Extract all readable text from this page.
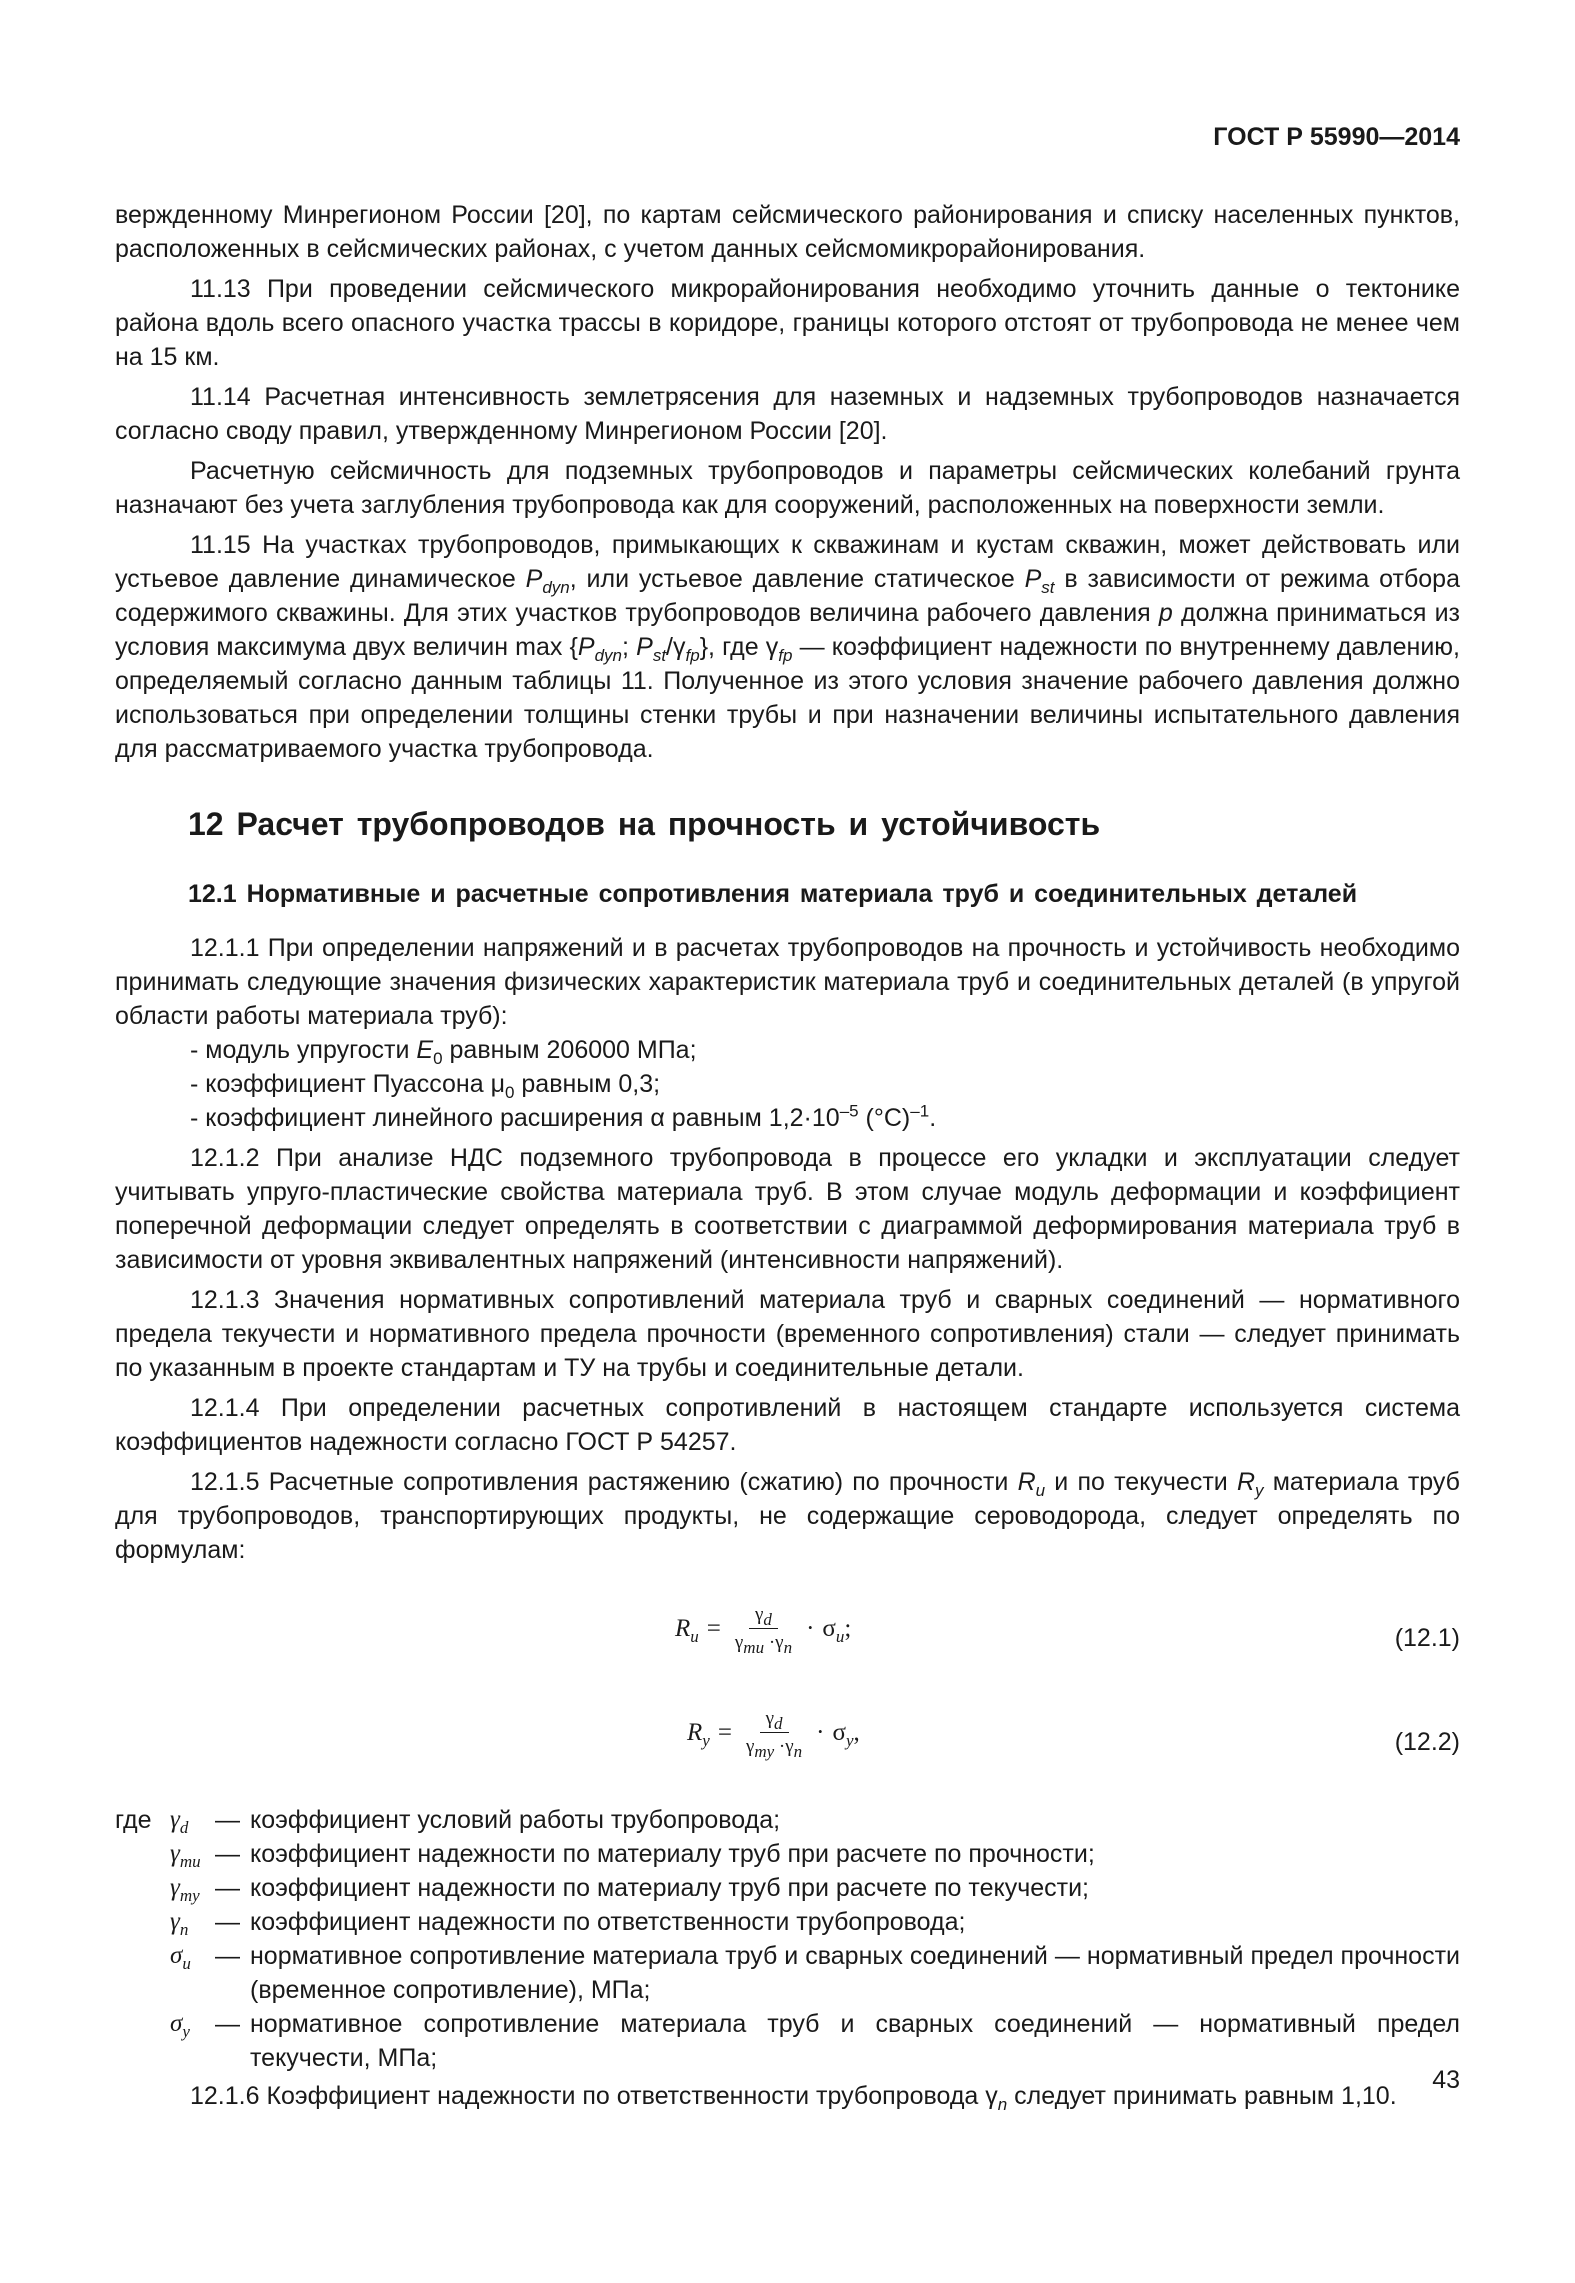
ГОСТ Р 55990—2014

вержденному Минрегионом России [20], по картам сейсмического районирования и списку населенных пунктов, расположенных в сейсмических районах, с учетом данных сейсмомикрорайонирования.

11.13 При проведении сейсмического микрорайонирования необходимо уточнить данные о тектонике района вдоль всего опасного участка трассы в коридоре, границы которого отстоят от трубопровода не менее чем на 15 км.

11.14 Расчетная интенсивность землетрясения для наземных и надземных трубопроводов назначается согласно своду правил, утвержденному Минрегионом России [20].

Расчетную сейсмичность для подземных трубопроводов и параметры сейсмических колебаний грунта назначают без учета заглубления трубопровода как для сооружений, расположенных на поверхности земли.

11.15 На участках трубопроводов, примыкающих к скважинам и кустам скважин, может действовать или устьевое давление динамическое $P_{dyn}$, или устьевое давление статическое $P_{st}$ в зависимости от режима отбора содержимого скважины. Для этих участков трубопроводов величина рабочего давления p должна приниматься из условия максимума двух величин $\max \{P_{dyn}$; $P_{st}/\gamma_{fp}$}, где $\gamma_{fp}$ — коэффициент надежности по внутреннему давлению, определяемый согласно данным таблицы 11. Полученное из этого условия значение рабочего давления должно использоваться при определении толщины стенки трубы и при назначении величины испытательного давления для рассматриваемого участка трубопровода.

12 Расчет трубопроводов на прочность и устойчивость
12.1 Нормативные и расчетные сопротивления материала труб и соединительных деталей

12.1.1 При определении напряжений и в расчетах трубопроводов на прочность и устойчивость необходимо принимать следующие значения физических характеристик материала труб и соединительных деталей (в упругой области работы материала труб):

- модуль упругости $E_0$ равным 206000 МПа;

- коэффициент Пуассона $\mu_0$ равным 0,3;

- коэффициент линейного расширения α равным $1,2\cdot 10^{-5}$ $(^\circ С)^{-1}$.

12.1.2 При анализе НДС подземного трубопровода в процессе его укладки и эксплуатации следует учитывать упруго-пластические свойства материала труб. В этом случае модуль деформации и коэффициент поперечной деформации следует определять в соответствии с диаграммой деформирования материала труб в зависимости от уровня эквивалентных напряжений (интенсивности напряжений).

12.1.3 Значения нормативных сопротивлений материала труб и сварных соединений — нормативного предела текучести и нормативного предела прочности (временного сопротивления) стали — следует принимать по указанным в проекте стандартам и ТУ на трубы и соединительные детали.

12.1.4 При определении расчетных сопротивлений в настоящем стандарте используется система коэффициентов надежности согласно ГОСТ Р 54257.

12.1.5 Расчетные сопротивления растяжению (сжатию) по прочности $R_u$ и по текучести $R_y$ материала труб для трубопроводов, транспортирующих продукты, не содержащие сероводорода, следует определять по формулам:

$R_u = \frac{\gamma_d}{\gamma_{mu} \cdot\gamma_n} \cdot \sigma_u$;	(12.1)
$R_y = \frac{\gamma_d}{\gamma_{my} \cdot\gamma_n} \cdot \sigma_y$,	(12.2)
где $\gamma_d$	— коэффициент условий работы трубопровода;
$\gamma_{mu}$ — коэффициент надежности по материалу труб при расчете по прочности;
$\gamma_{my}$ — коэффициент надежности по материалу труб при расчете по текучести;
$\gamma_n$	— коэффициент надежности по ответственности трубопровода;
$\sigma_u$ — нормативное сопротивление материала труб и сварных соединений — нормативный предел прочности (временное сопротивление), МПа;
$\sigma_y$	— нормативное сопротивление материала труб и сварных соединений — нормативный предел текучести, МПа;

12.1.6 Коэффициент надежности по ответственности трубопровода $\gamma_n$ следует принимать равным 1,10.

43
